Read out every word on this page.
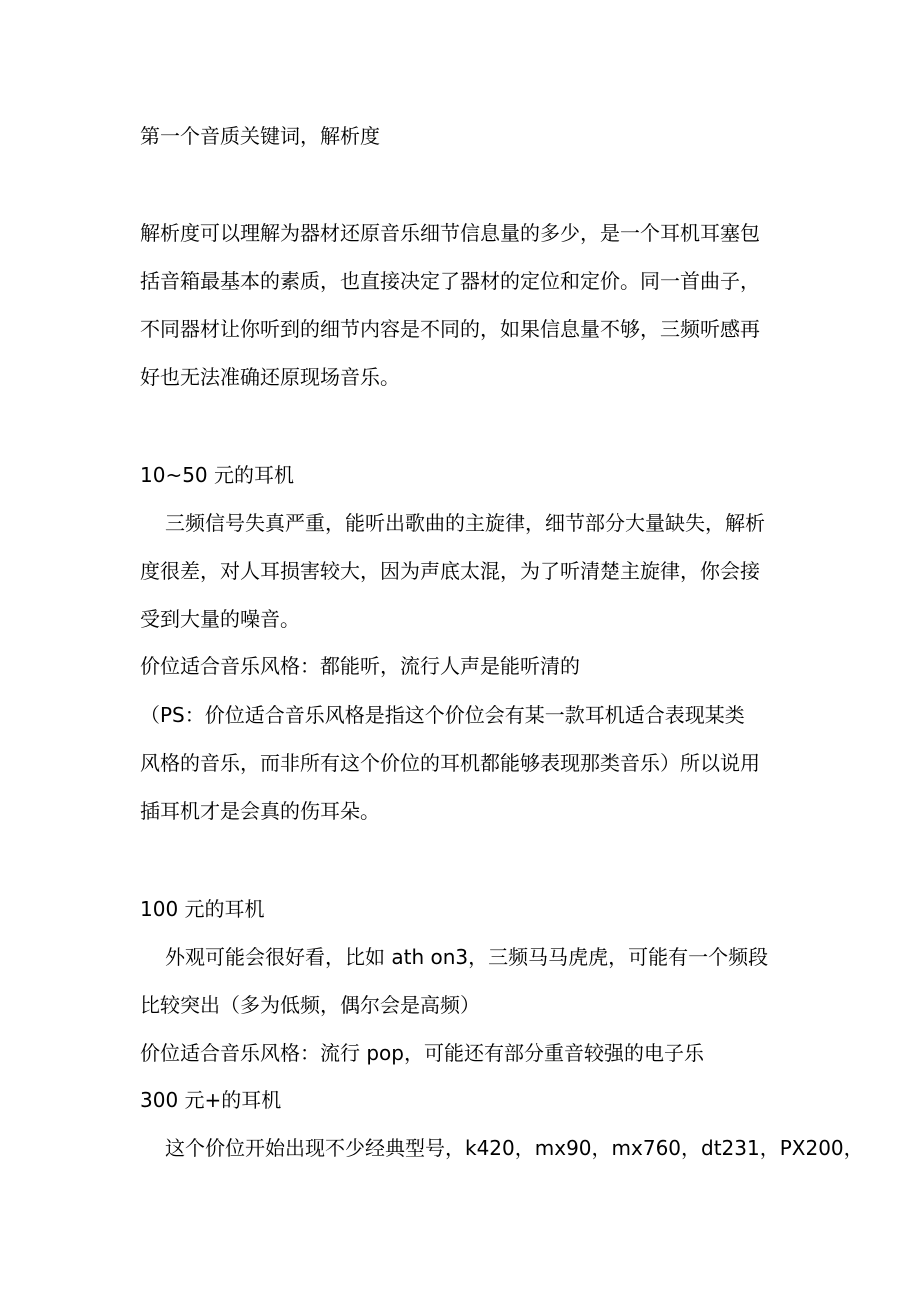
第一个音质关键词，解析度
解析度可以理解为器材还原音乐细节信息量的多少，是一个耳机耳塞包
括音箱最基本的素质，也直接决定了器材的定位和定价。同一首曲子，
不同器材让你听到的细节内容是不同的，如果信息量不够，三频听感再
好也无法准确还原现场音乐。
10~50 元的耳机
三频信号失真严重，能听出歌曲的主旋律，细节部分大量缺失，解析
度很差，对人耳损害较大，因为声底太混，为了听清楚主旋律，你会接
受到大量的噪音。
价位适合音乐风格：都能听，流行人声是能听清的
（PS：价位适合音乐风格是指这个价位会有某一款耳机适合表现某类
风格的音乐，而非所有这个价位的耳机都能够表现那类音乐）所以说用
插耳机才是会真的伤耳朵。
100 元的耳机
外观可能会很好看，比如 ath on3，三频马马虎虎，可能有一个频段
比较突出（多为低频，偶尔会是高频）
价位适合音乐风格：流行 pop，可能还有部分重音较强的电子乐
300 元+的耳机
这个价位开始出现不少经典型号，k420，mx90，mx760，dt231，PX200，
